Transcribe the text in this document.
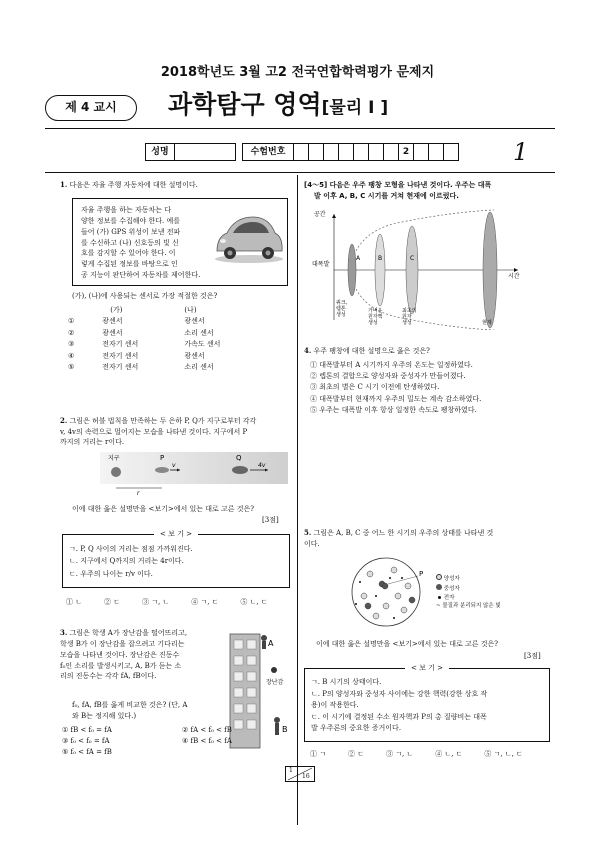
2018학년도 3월 고2 전국연합학력평가 문제지
제 4 교시	과학탐구 영역[물리 I ]
성명	수험번호	2	1
1. 다음은 자율 주행 자동차에 대한 설명이다.
자율 주행을 하는 자동차는 다
양한 정보를 수집해야 한다. 예를
들어 (가) GPS 위성이 보낸 전파
를 수신하고 (나) 신호등의 빛 신
호를 감지할 수 있어야 한다. 이
렇게 수집된 정보를 바탕으로 인
공 지능이 판단하여 자동차를 제어한다.
(가), (나)에 사용되는 센서로 가장 적절한 것은?
	(가)	(나)
①	광센서	광센서
②	광센서	소리 센서
③	전자기 센서	가속도 센서
④	전자기 센서	광센서
⑤	전자기 센서	소리 센서
2. 그림은 허블 법칙을 만족하는 두 은하 P, Q가 지구로부터 각각
v, 4v의 속력으로 멀어지는 모습을 나타낸 것이다. 지구에서 P
까지의 거리는 r이다.
지구	P	Q
v	4v
r
이에 대한 옳은 설명만을 <보기>에서 있는 대로 고른 것은?
[3점]
< 보 기 >
ㄱ. P, Q 사이의 거리는 점점 가까워진다.
ㄴ. 지구에서 Q까지의 거리는 4r이다.
ㄷ. 우주의 나이는 r/v 이다.
① ㄴ	② ㄷ	③ ㄱ, ㄴ	④ ㄱ, ㄷ	⑤ ㄴ, ㄷ
3. 그림은 학생 A가 장난감을 떨어뜨리고,
학생 B가 이 장난감을 잡으려고 기다리는
모습을 나타낸 것이다. 장난감은 진동수
f₀인 소리를 발생시키고, A, B가 듣는 소
리의 진동수는 각각 fA, fB이다.
f₀, fA, fB를 옳게 비교한 것은? (단, A
와 B는 정지해 있다.)
A
장난감
B
① fB < f₀ = fA	② fA < f₀ < fB
③ f₀ < f₀ = fA	④ fB < f₀ < fA
⑤ f₀ < fA = fB
[4～5] 다음은 우주 팽창 모형을 나타낸 것이다. 우주는 대폭
발 이후 A, B, C 시기를 거쳐 현재에 이르렀다.
공간
시간
대폭발
A	B	C
쿼크, 렙톤 생성
가벼운 원자핵 생성
최초의 원자 생성	현재
4. 우주 팽창에 대한 설명으로 옳은 것은?
① 대폭발부터 A 시기까지 우주의 온도는 일정하였다.
② 렙톤의 결합으로 양성자와 중성자가 만들어졌다.
③ 최초의 별은 C 시기 이전에 탄생하였다.
④ 대폭발부터 현재까지 우주의 밀도는 계속 감소하였다.
⑤ 우주는 대폭발 이후 항상 일정한 속도로 팽창하였다.
5. 그림은 A, B, C 중 어느 한 시기의 우주의 상태를 나타낸 것
이다.
P
양성자
중성자
전자
~ 물질과 분리되지 않은 빛
이에 대한 옳은 설명만을 <보기>에서 있는 대로 고른 것은?
[3점]
< 보 기 >
ㄱ. B 시기의 상태이다.
ㄴ. P의 양성자와 중성자 사이에는 강한 핵력(강한 상호 작
용)이 작용한다.
ㄷ. 이 시기에 결정된 수소 원자핵과 P의 총 질량비는 대폭
발 우주론의 중요한 증거이다.
① ㄱ	② ㄷ	③ ㄱ, ㄴ	④ ㄴ, ㄷ	⑤ ㄱ, ㄴ, ㄷ
1
16
